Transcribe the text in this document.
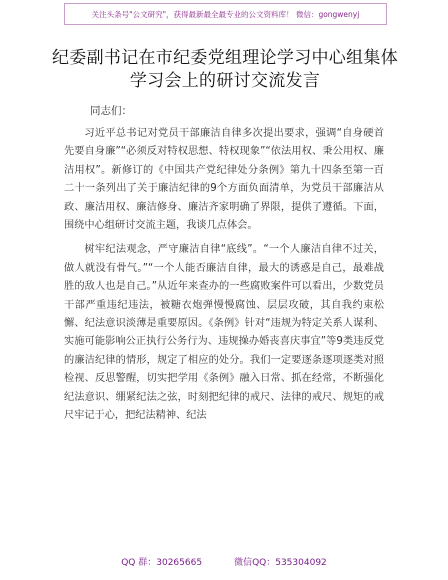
关注头条号"公文研究"，获得最新最全最专业的公文资料库！ 微信：gongwenyj
纪委副书记在市纪委党组理论学习中心组集体
学习会上的研讨交流发言
同志们：

习近平总书记对党员干部廉洁自律多次提出要求，强调“自身硬首先要自身廉”“必须反对特权思想、特权现象”“依法用权、秉公用权、廉洁用权”。新修订的《中国共产党纪律处分条例》第九十四条至第一百二十一条列出了关于廉洁纪律的9个方面负面清单，为党员干部廉洁从政、廉洁用权、廉洁修身、廉洁齐家明确了界限，提供了遵循。下面，围绕中心组研讨交流主题，我谈几点体会。

树牢纪法观念，严守廉洁自律“底线”。“一个人廉洁自律不过关，做人就没有骨气。”“一个人能否廉洁自律，最大的诱惑是自己，最难战胜的敌人也是自己。”从近年来查办的一些腐败案件可以看出，少数党员干部严重违纪违法，被糖衣炮弹慢慢腐蚀、层层攻破，其自我约束松懈、纪法意识淡薄是重要原因。《条例》针对“违规为特定关系人谋利、实施可能影响公正执行公务行为、违规操办婚丧喜庆事宜”等9类违反党的廉洁纪律的情形，规定了相应的处分。我们一定要逐条逐项逐类对照检视、反思警醒，切实把学用《条例》融入日常、抓在经常，不断强化纪法意识、绷紧纪法之弦，时刻把纪律的戒尺、法律的戒尺、规矩的戒尺牢记于心，把纪法精神、纪法

QQ 群：30265665	微信QQ：535304092
